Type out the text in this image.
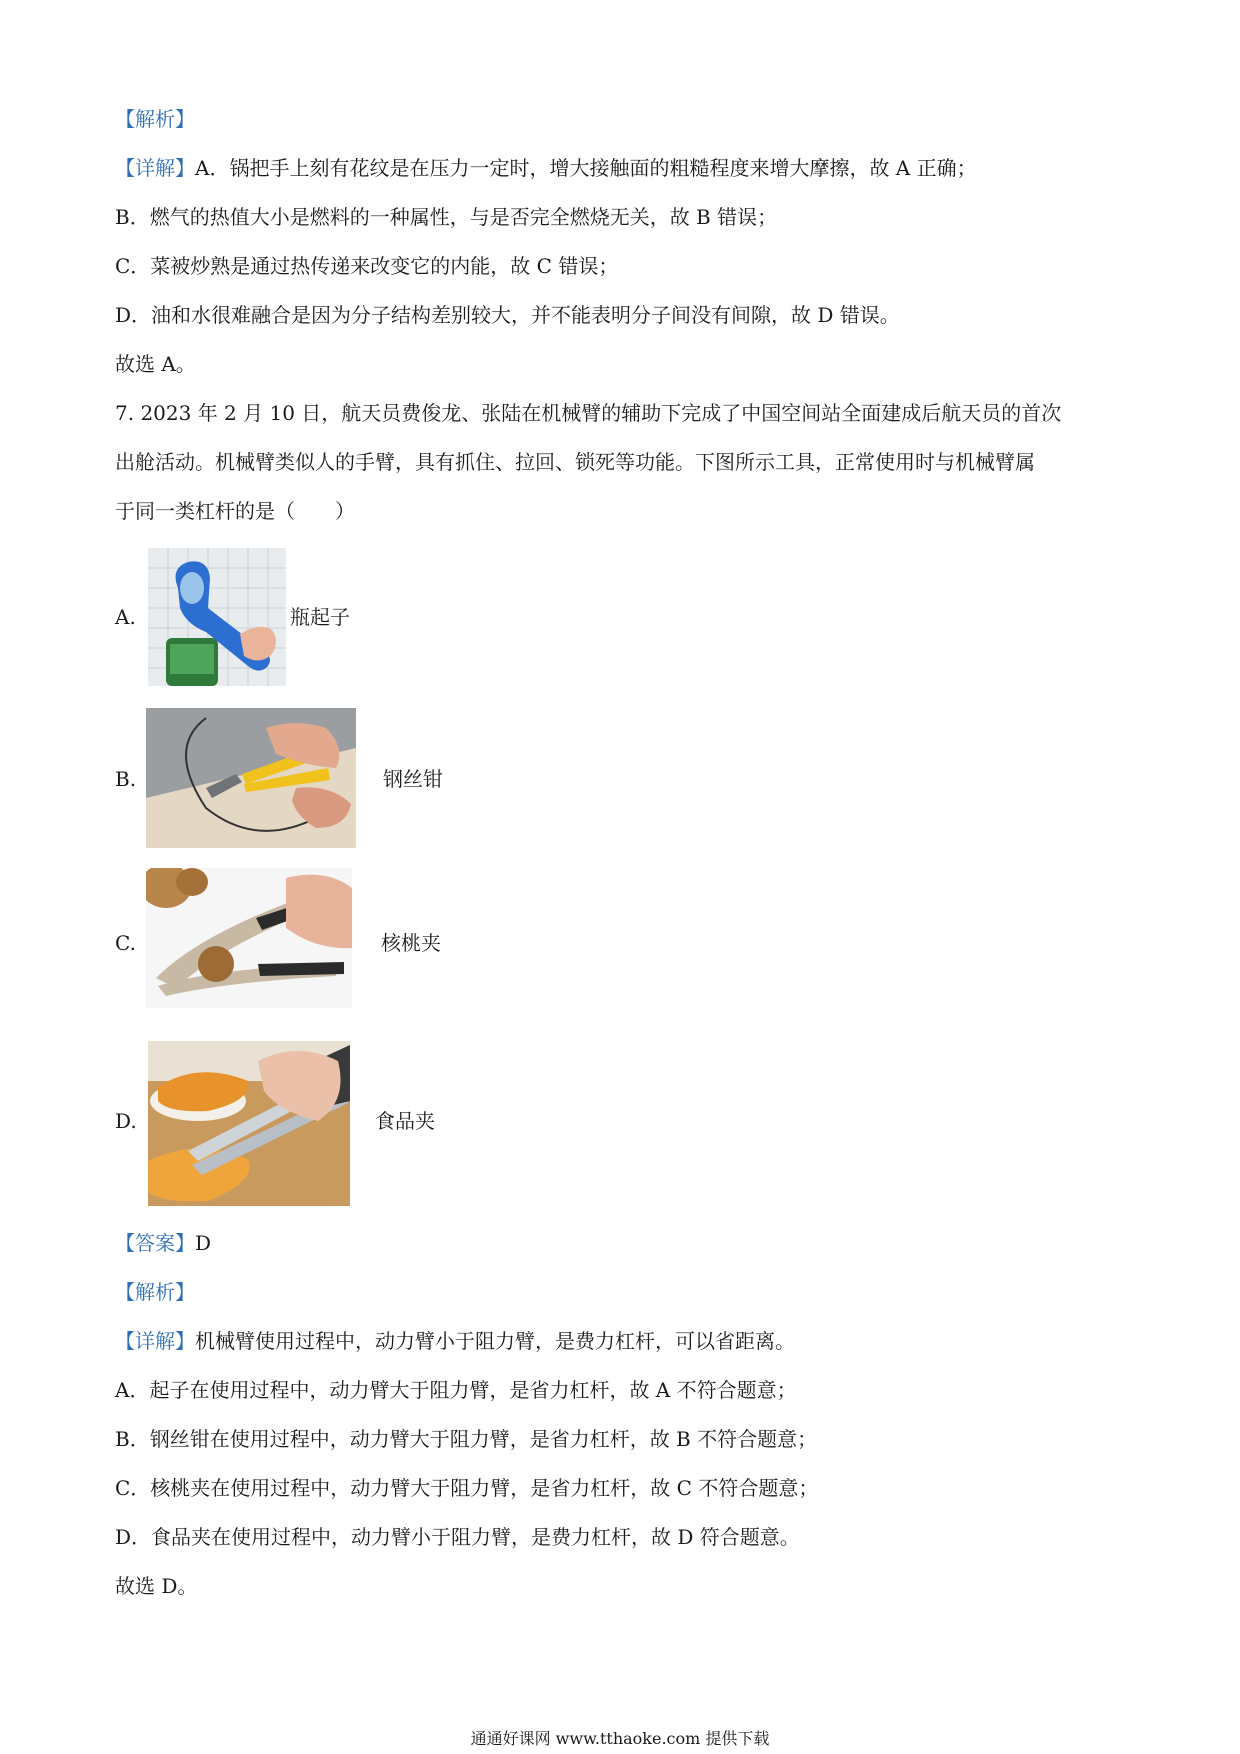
【解析】
【详解】A．锅把手上刻有花纹是在压力一定时，增大接触面的粗糙程度来增大摩擦，故 A 正确；
B．燃气的热值大小是燃料的一种属性，与是否完全燃烧无关，故 B 错误；
C．菜被炒熟是通过热传递来改变它的内能，故 C 错误；
D．油和水很难融合是因为分子结构差别较大，并不能表明分子间没有间隙，故 D 错误。
故选 A。
7. 2023 年 2 月 10 日，航天员费俊龙、张陆在机械臂的辅助下完成了中国空间站全面建成后航天员的首次
出舱活动。机械臂类似人的手臂，具有抓住、拉回、锁死等功能。下图所示工具，正常使用时与机械臂属
于同一类杠杆的是（　　）
A.	瓶起子
B.	钢丝钳
C.	核桃夹
D.	食品夹
【答案】D
【解析】
【详解】机械臂使用过程中，动力臂小于阻力臂，是费力杠杆，可以省距离。
A．起子在使用过程中，动力臂大于阻力臂，是省力杠杆，故 A 不符合题意；
B．钢丝钳在使用过程中，动力臂大于阻力臂，是省力杠杆，故 B 不符合题意；
C．核桃夹在使用过程中，动力臂大于阻力臂，是省力杠杆，故 C 不符合题意；
D．食品夹在使用过程中，动力臂小于阻力臂，是费力杠杆，故 D 符合题意。
故选 D。
通通好课网 www.tthaoke.com 提供下载
